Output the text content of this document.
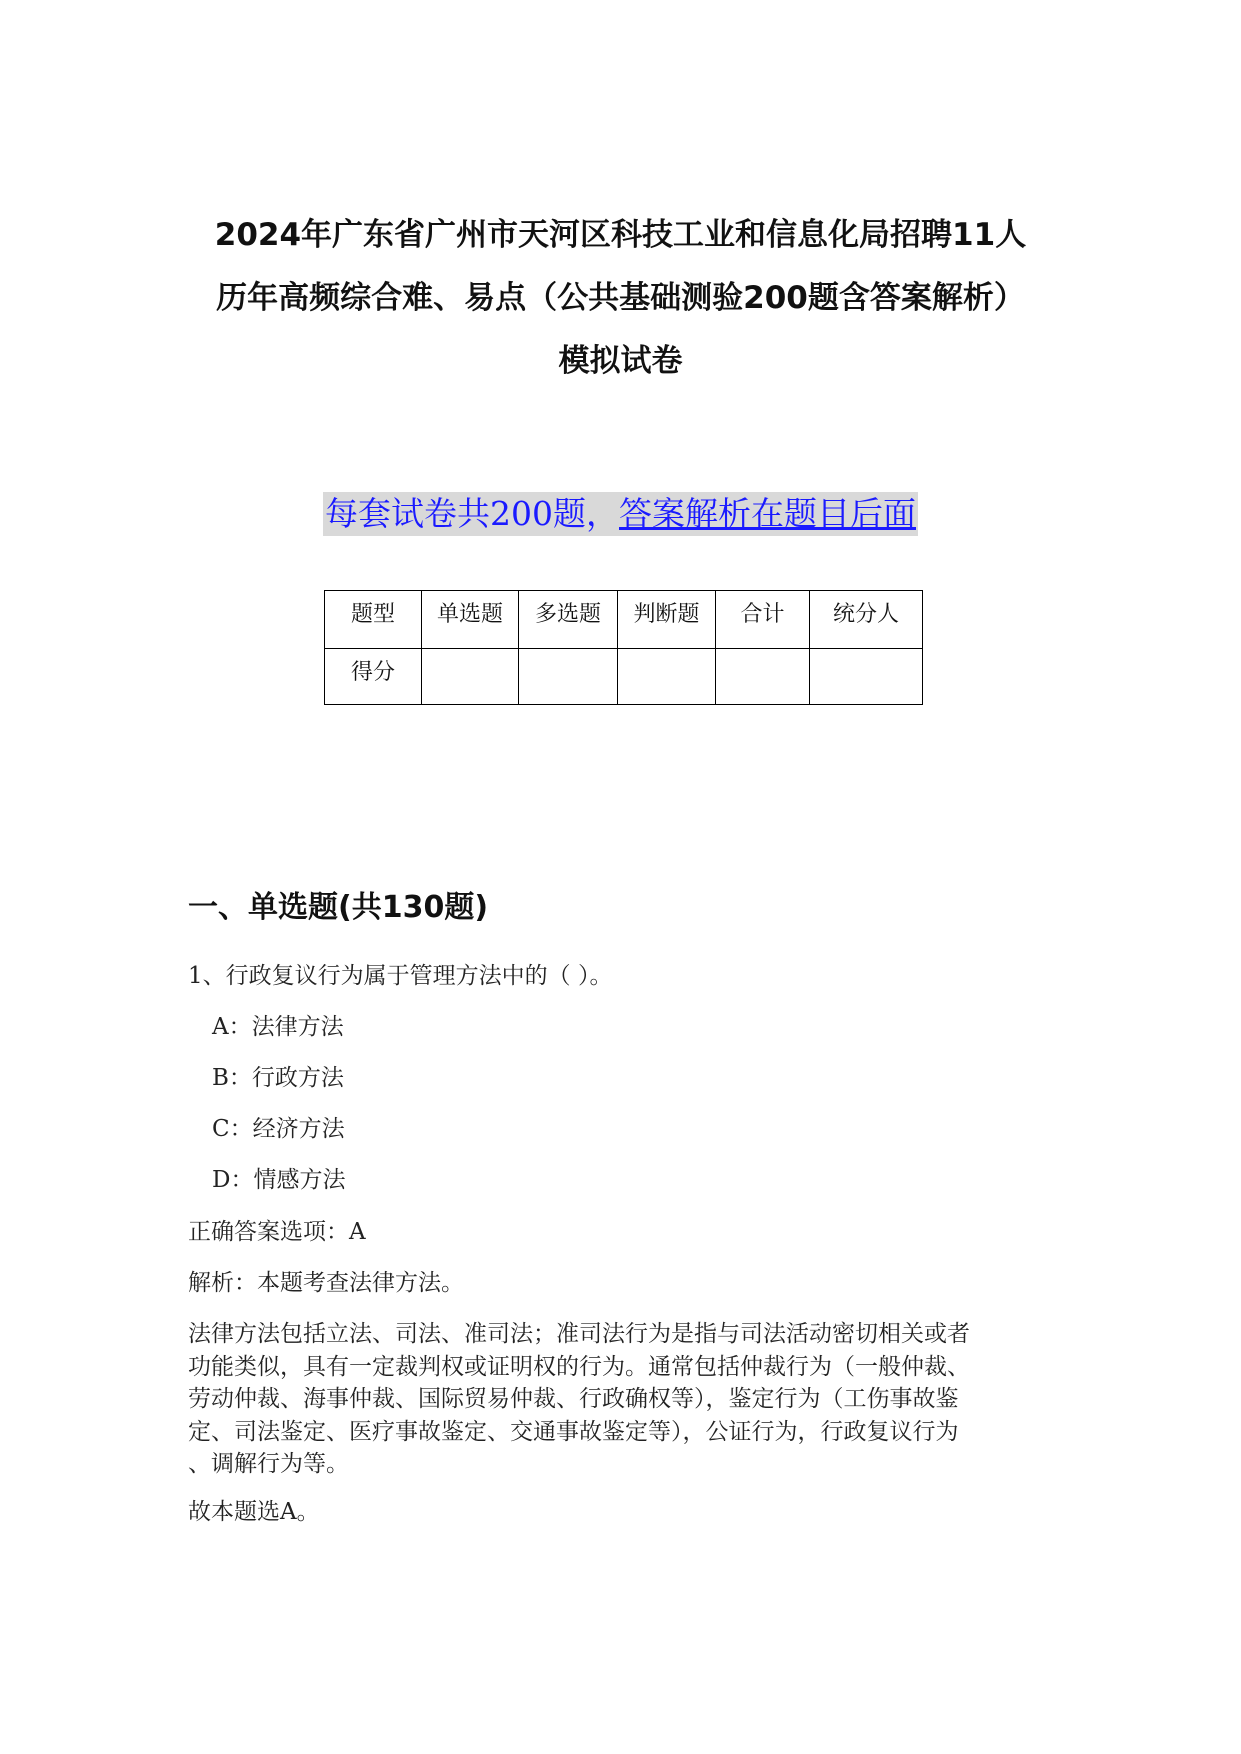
2024年广东省广州市天河区科技工业和信息化局招聘11人
历年高频综合难、易点（公共基础测验200题含答案解析）
模拟试卷
每套试卷共200题，答案解析在题目后面
题型	单选题	多选题	判断题	合计	统分人

得分					

一、单选题(共130题)
1、行政复议行为属于管理方法中的（ ）。
A：法律方法
B：行政方法
C：经济方法
D：情感方法
正确答案选项：A
解析：本题考查法律方法。
法律方法包括立法、司法、准司法；准司法行为是指与司法活动密切相关或者
功能类似，具有一定裁判权或证明权的行为。通常包括仲裁行为（一般仲裁、
劳动仲裁、海事仲裁、国际贸易仲裁、行政确权等），鉴定行为（工伤事故鉴
定、司法鉴定、医疗事故鉴定、交通事故鉴定等），公证行为，行政复议行为
、调解行为等。
故本题选A。
